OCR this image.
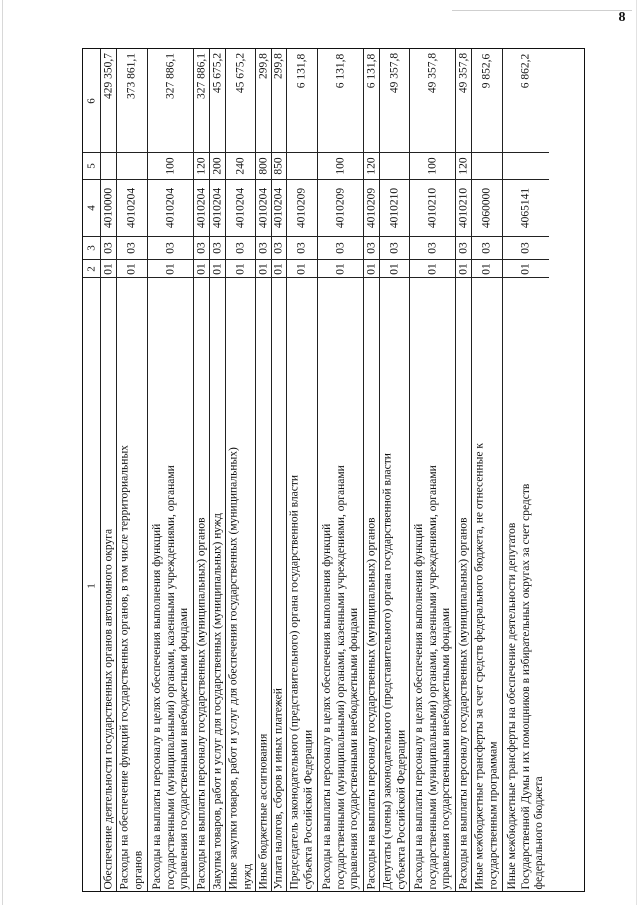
8
6
5
4
3
2
1
429 350,7
4010000
03
01
Обеспечение деятельности государственных органов автономного округа
373 861,1
4010204
03
01
Расходы на обеспечение функций государственных органов, в том числе территориальных органов
327 886,1
100
4010204
03
01
Расходы на выплаты персоналу в целях обеспечения выполнения функций государственными (муниципальными) органами, казенными учреждениями, органами управления государственными внебюджетными фондами
327 886,1
120
4010204
03
01
Расходы на выплаты персоналу государственных (муниципальных) органов
45 675,2
200
4010204
03
01
Закупка товаров, работ и услуг для государственных (муниципальных) нужд
45 675,2
240
4010204
03
01
Иные закупки товаров, работ и услуг для обеспечения государственных (муниципальных) нужд
299,8
800
4010204
03
01
Иные бюджетные ассигнования
299,8
850
4010204
03
01
Уплата налогов, сборов и иных платежей
6 131,8
4010209
03
01
Председатель законодательного (представительного) органа государственной власти субъекта Российской Федерации
6 131,8
100
4010209
03
01
Расходы на выплаты персоналу в целях обеспечения выполнения функций государственными (муниципальными) органами, казенными учреждениями, органами управления государственными внебюджетными фондами
6 131,8
120
4010209
03
01
Расходы на выплаты персоналу государственных (муниципальных) органов
49 357,8
4010210
03
01
Депутаты (члены) законодательного (представительного) органа государственной власти субъекта Российской Федерации
49 357,8
100
4010210
03
01
Расходы на выплаты персоналу в целях обеспечения выполнения функций государственными (муниципальными) органами, казенными учреждениями, органами управления государственными внебюджетными фондами
49 357,8
120
4010210
03
01
Расходы на выплаты персоналу государственных (муниципальных) органов
9 852,6
4060000
03
01
Иные межбюджетные трансферты за счет средств федерального бюджета, не отнесенные к государственным программам
6 862,2
4065141
03
01
Иные межбюджетные трансферты на обеспечение деятельности депутатов Государственной Думы и их помощников в избирательных округах за счет средств федерального бюджета
